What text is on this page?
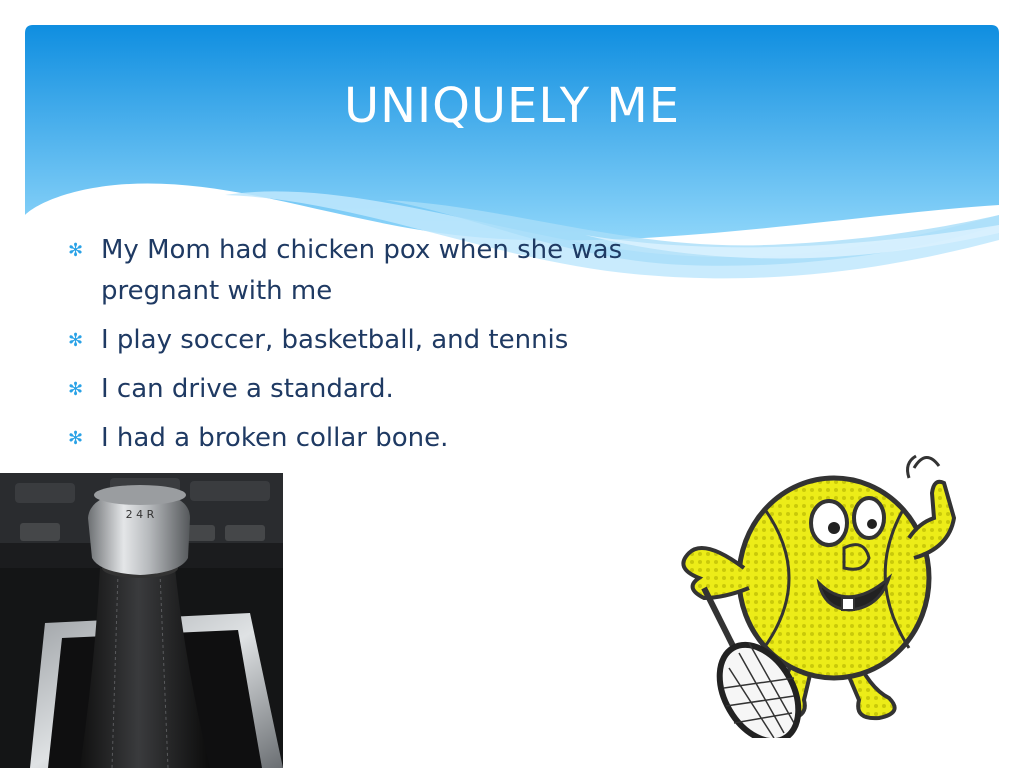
UNIQUELY ME
✻ My Mom had chicken pox when she was pregnant with me
✻ I play soccer, basketball, and tennis
✻ I can drive a standard.
✻ I had a broken collar bone.
2 4 R
